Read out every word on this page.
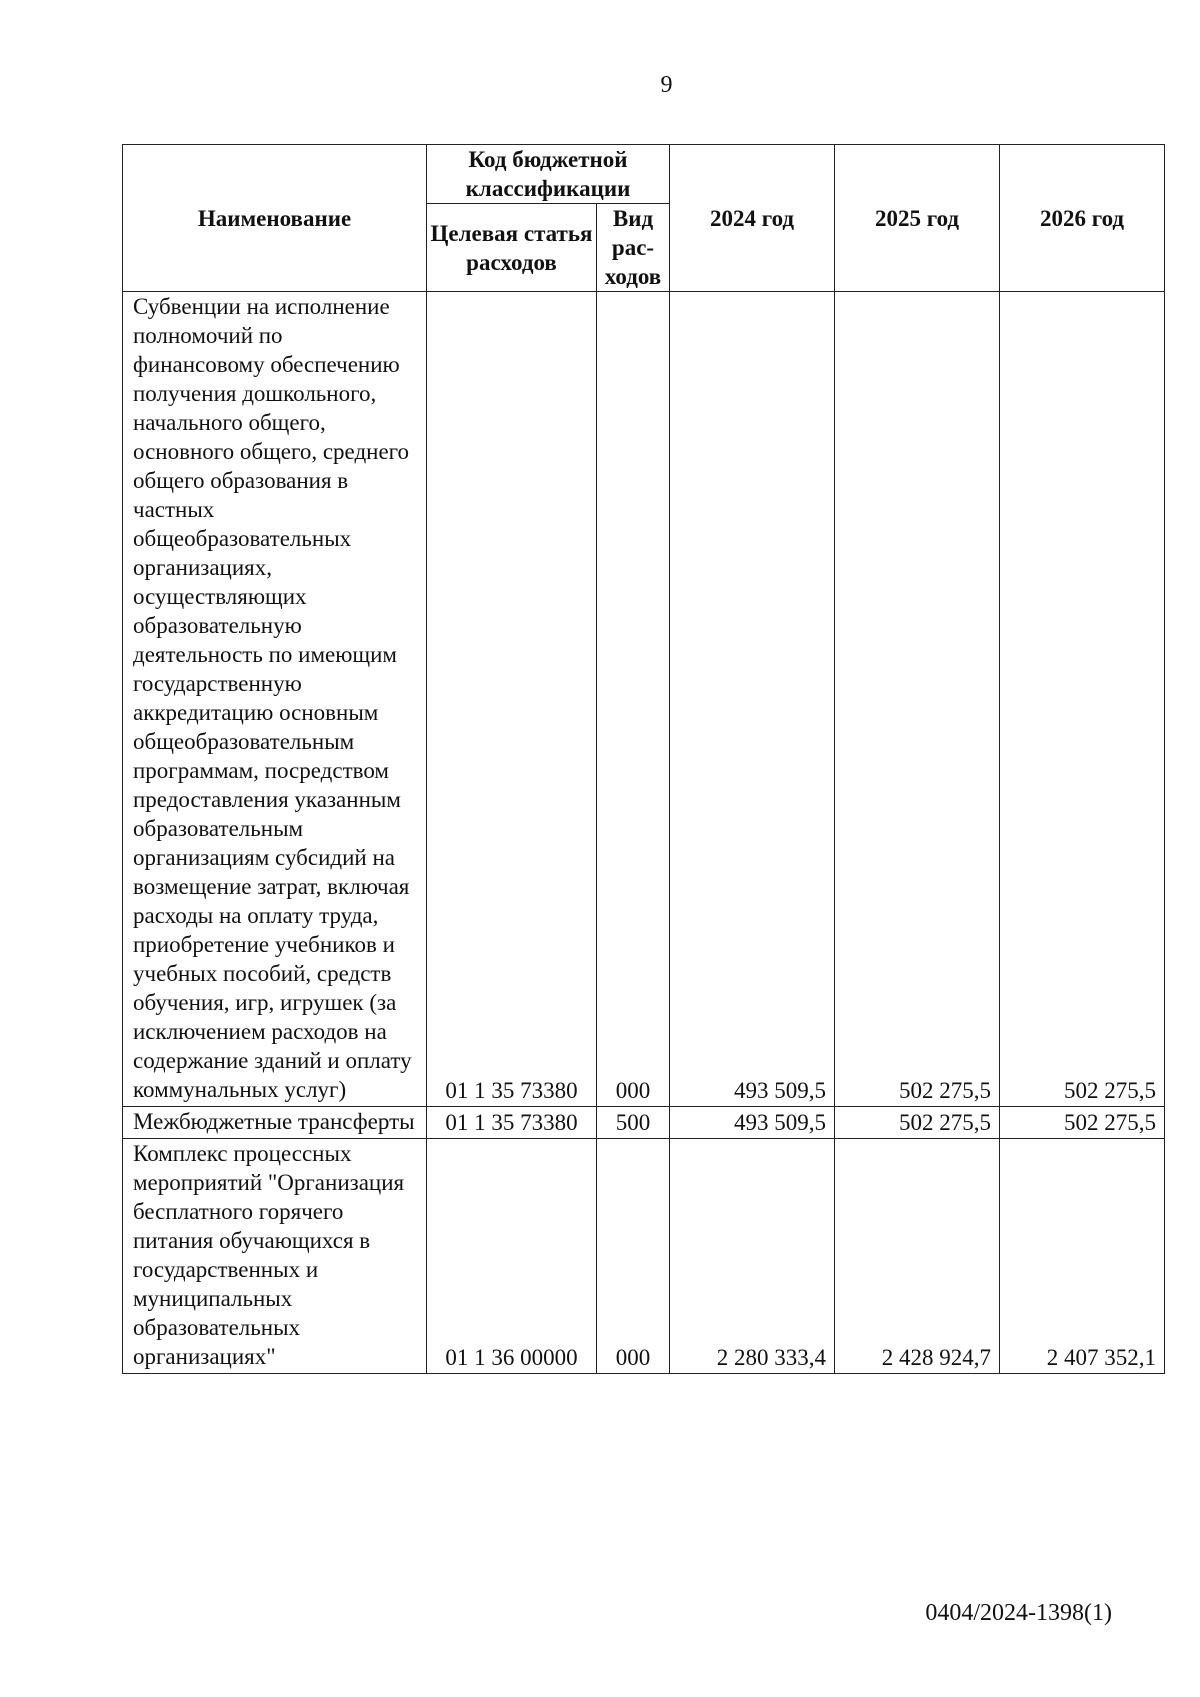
9
Наименование	Код бюджетной классификации		2024 год	2025 год	2026 год
	Целевая статья расходов	Вид рас-ходов			
Субвенции на исполнение полномочий по финансовому обеспечению получения дошкольного, начального общего, основного общего, среднего общего образования в частных общеобразовательных организациях, осуществляющих образовательную деятельность по имеющим государственную аккредитацию основным общеобразовательным программам, посредством предоставления указанным образовательным организациям субсидий на возмещение затрат, включая расходы на оплату труда, приобретение учебников и учебных пособий, средств обучения, игр, игрушек (за исключением расходов на содержание зданий и оплату коммунальных услуг)	01 1 35 73380	000	493 509,5	502 275,5	502 275,5
Межбюджетные трансферты	01 1 35 73380	500	493 509,5	502 275,5	502 275,5
Комплекс процессных мероприятий "Организация бесплатного горячего питания обучающихся в государственных и муниципальных образовательных организациях"	01 1 36 00000	000	2 280 333,4	2 428 924,7	2 407 352,1
0404/2024-1398(1)
